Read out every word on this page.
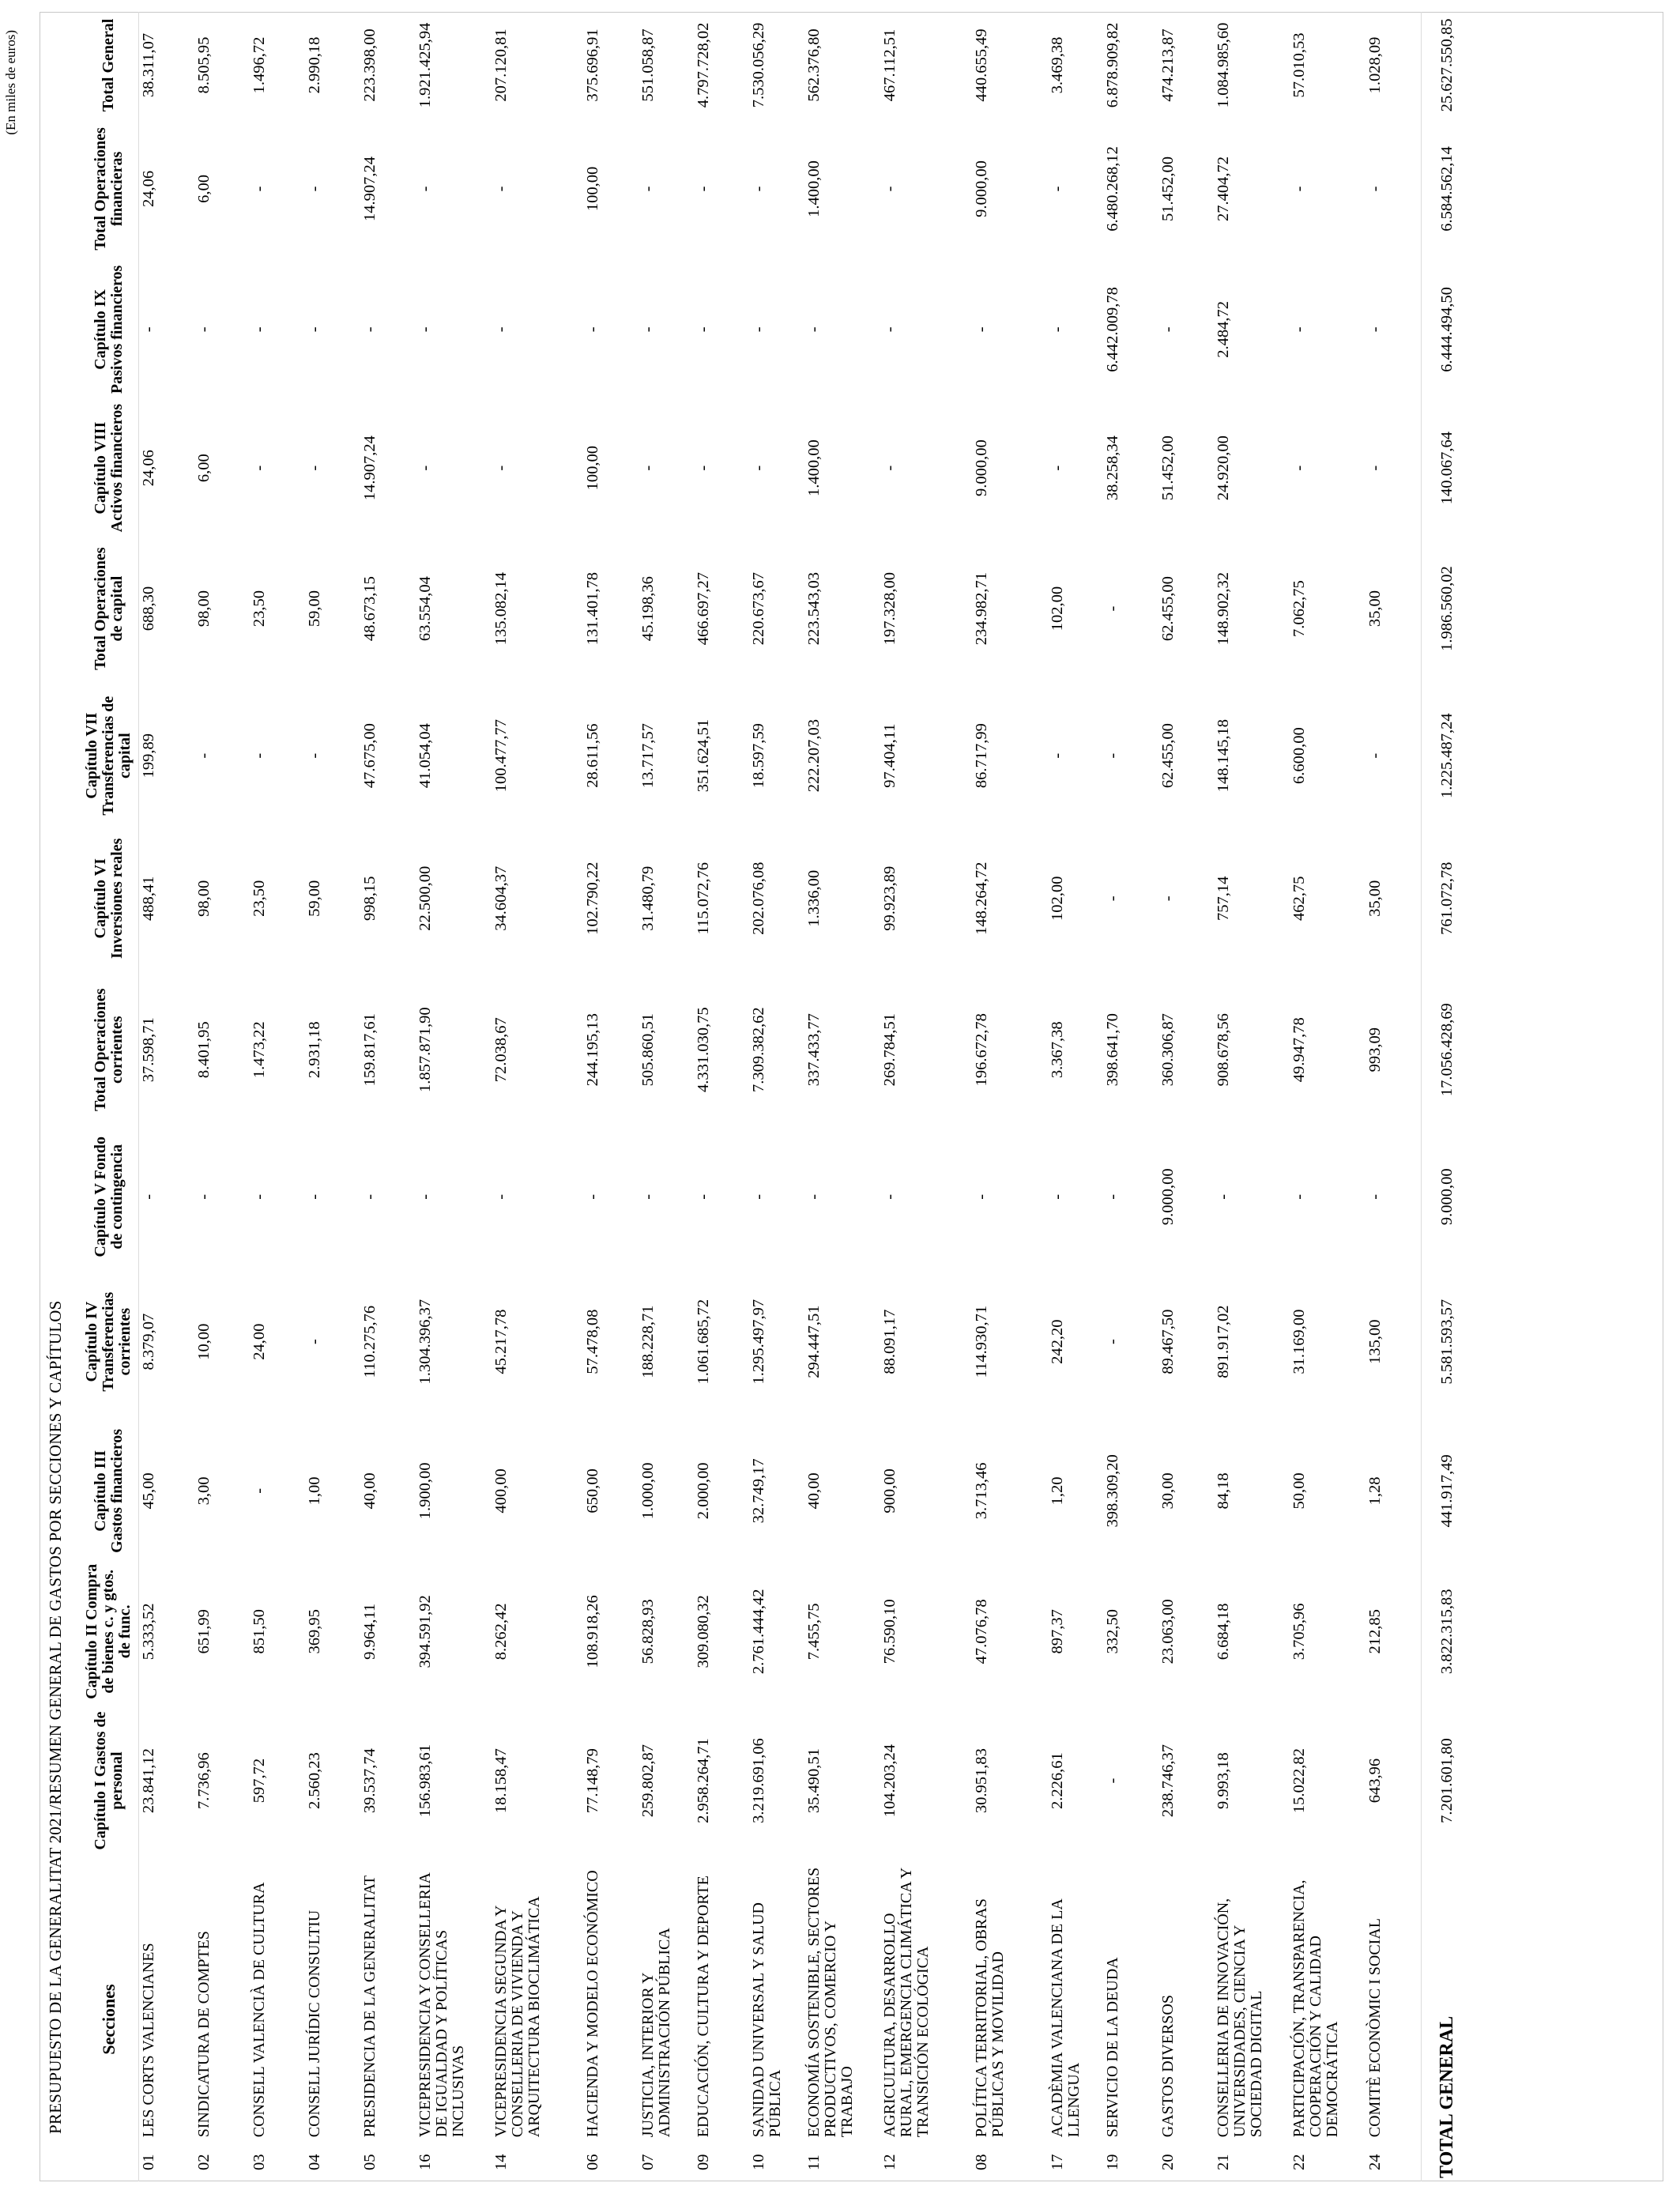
(En miles de euros)
PRESUPUESTO DE LA GENERALITAT 2021/RESUMEN GENERAL DE GASTOS POR SECCIONES Y CAPÍTULOS Secciones		Capítulo I Gastos de personal	Capítulo II Compra de bienes c. y gtos. de func.	Capítulo III Gastos financieros	Capítulo IV Transferencias corrientes	Capítulo V Fondo de contingencia	Total Operaciones corrientes	Capítulo VI Inversiones reales	Capítulo VII Transferencias de capital	Total Operaciones de capital	Capítulo VIII Activos financieros	Capítulo IX Pasivos financieros	Total Operaciones financieras	Total General
01	LES CORTS VALENCIANES	23.841,12	5.333,52	45,00	8.379,07	-	37.598,71	488,41	199,89	688,30	24,06	-	24,06	38.311,07
02	SINDICATURA DE COMPTES	7.736,96	651,99	3,00	10,00	-	8.401,95	98,00	-	98,00	6,00	-	6,00	8.505,95
03	CONSELL VALENCIÀ DE CULTURA	597,72	851,50	-	24,00	-	1.473,22	23,50	-	23,50	-	-	-	1.496,72
04	CONSELL JURÍDIC CONSULTIU	2.560,23	369,95	1,00	-	-	2.931,18	59,00	-	59,00	-	-	-	2.990,18
05	PRESIDENCIA DE LA GENERALITAT	39.537,74	9.964,11	40,00	110.275,76	-	159.817,61	998,15	47.675,00	48.673,15	14.907,24	-	14.907,24	223.398,00
16	VICEPRESIDENCIA Y CONSELLERIA DE IGUALDAD Y POLÍTICAS INCLUSIVAS	156.983,61	394.591,92	1.900,00	1.304.396,37	-	1.857.871,90	22.500,00	41.054,04	63.554,04	-	-	-	1.921.425,94
14	VICEPRESIDENCIA SEGUNDA Y CONSELLERIA DE VIVIENDA Y ARQUITECTURA BIOCLIMÁTICA	18.158,47	8.262,42	400,00	45.217,78	-	72.038,67	34.604,37	100.477,77	135.082,14	-	-	-	207.120,81
06	HACIENDA Y MODELO ECONÓMICO	77.148,79	108.918,26	650,00	57.478,08	-	244.195,13	102.790,22	28.611,56	131.401,78	100,00	-	100,00	375.696,91
07	JUSTICIA, INTERIOR Y ADMINISTRACIÓN PÚBLICA	259.802,87	56.828,93	1.000,00	188.228,71	-	505.860,51	31.480,79	13.717,57	45.198,36	-	-	-	551.058,87
09	EDUCACIÓN, CULTURA Y DEPORTE	2.958.264,71	309.080,32	2.000,00	1.061.685,72	-	4.331.030,75	115.072,76	351.624,51	466.697,27	-	-	-	4.797.728,02
10	SANIDAD UNIVERSAL Y SALUD PÚBLICA	3.219.691,06	2.761.444,42	32.749,17	1.295.497,97	-	7.309.382,62	202.076,08	18.597,59	220.673,67	-	-	-	7.530.056,29
11	ECONOMÍA SOSTENIBLE, SECTORES PRODUCTIVOS, COMERCIO Y TRABAJO	35.490,51	7.455,75	40,00	294.447,51	-	337.433,77	1.336,00	222.207,03	223.543,03	1.400,00	-	1.400,00	562.376,80
12	AGRICULTURA, DESARROLLO RURAL, EMERGENCIA CLIMÁTICA Y TRANSICIÓN ECOLÓGICA	104.203,24	76.590,10	900,00	88.091,17	-	269.784,51	99.923,89	97.404,11	197.328,00	-	-	-	467.112,51
08	POLÍTICA TERRITORIAL, OBRAS PÚBLICAS Y MOVILIDAD	30.951,83	47.076,78	3.713,46	114.930,71	-	196.672,78	148.264,72	86.717,99	234.982,71	9.000,00	-	9.000,00	440.655,49
17	ACADÈMIA VALENCIANA DE LA LLENGUA	2.226,61	897,37	1,20	242,20	-	3.367,38	102,00	-	102,00	-	-	-	3.469,38
19	SERVICIO DE LA DEUDA	-	332,50	398.309,20	-	-	398.641,70	-	-	-	38.258,34	6.442.009,78	6.480.268,12	6.878.909,82
20	GASTOS DIVERSOS	238.746,37	23.063,00	30,00	89.467,50	9.000,00	360.306,87	-	62.455,00	62.455,00	51.452,00	-	51.452,00	474.213,87
21	CONSELLERIA DE INNOVACIÓN, UNIVERSIDADES, CIENCIA Y SOCIEDAD DIGITAL	9.993,18	6.684,18	84,18	891.917,02	-	908.678,56	757,14	148.145,18	148.902,32	24.920,00	2.484,72	27.404,72	1.084.985,60
22	PARTICIPACIÓN, TRANSPARENCIA, COOPERACIÓN Y CALIDAD DEMOCRÁTICA	15.022,82	3.705,96	50,00	31.169,00	-	49.947,78	462,75	6.600,00	7.062,75	-	-	-	57.010,53
24	COMITÈ ECONÒMIC I SOCIAL	643,96	212,85	1,28	135,00	-	993,09	35,00	-	35,00	-	-	-	1.028,09
TOTAL GENERAL		7.201.601,80	3.822.315,83	441.917,49	5.581.593,57	9.000,00	17.056.428,69	761.072,78	1.225.487,24	1.986.560,02	140.067,64	6.444.494,50	6.584.562,14	25.627.550,85
